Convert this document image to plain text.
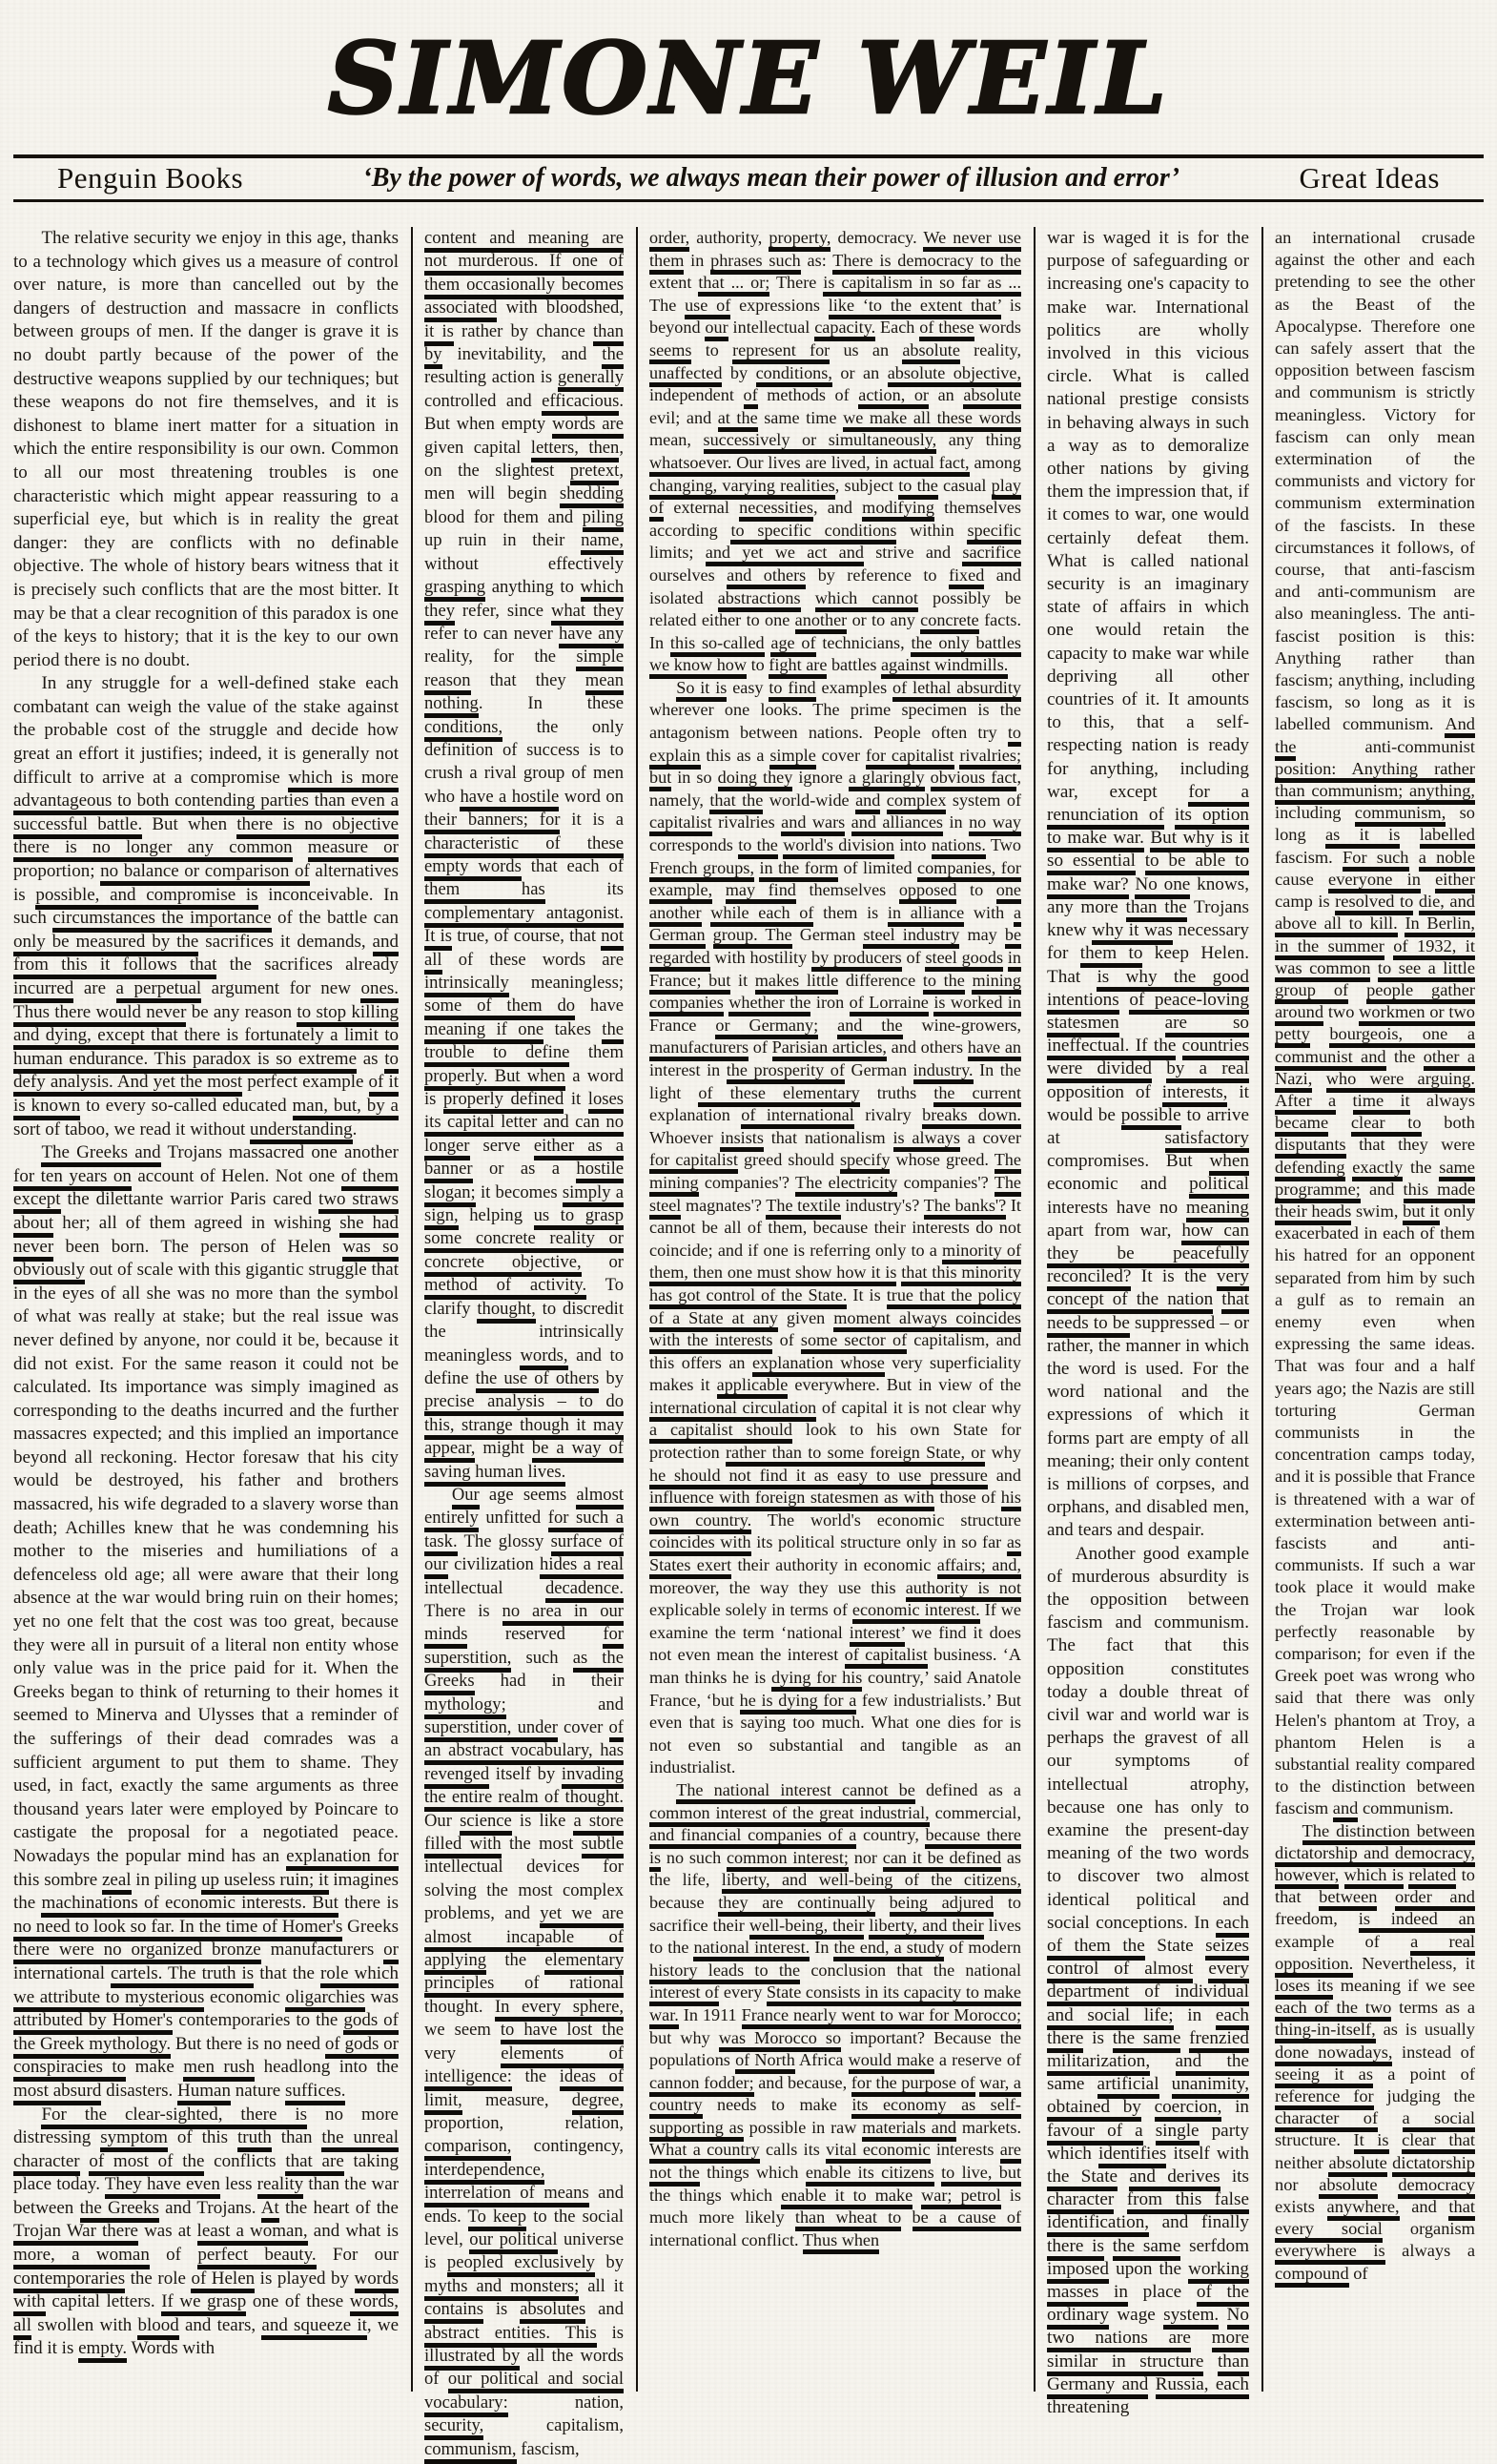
SIMONE WEIL
Penguin Books	‘By the power of words, we always mean their power of illusion and error’	Great Ideas

The relative security we enjoy in this age, thanks to a technology which gives us a measure of control over nature, is more than cancelled out by the dangers of destruction and massacre in conflicts between groups of men. If the danger is grave it is no doubt partly because of the power of the destructive weapons supplied by our techniques; but these weapons do not fire themselves, and it is dishonest to blame inert matter for a situation in which the entire responsibility is our own. Common to all our most threatening troubles is one characteristic which might appear reassuring to a superficial eye, but which is in reality the great danger: they are conflicts with no definable objective. The whole of history bears witness that it is precisely such conflicts that are the most bitter. It may be that a clear recognition of this paradox is one of the keys to history; that it is the key to our own period there is no doubt.

In any struggle for a well-defined stake each combatant can weigh the value of the stake against the probable cost of the struggle and decide how great an effort it justifies; indeed, it is generally not difficult to arrive at a compromise which is more advantageous to both contending parties than even a successful battle. But when there is no objective there is no longer any common measure or proportion; no balance or comparison of alternatives is possible, and compromise is inconceivable. In such circumstances the importance of the battle can only be measured by the sacrifices it demands, and from this it follows that the sacrifices already incurred are a perpetual argument for new ones. Thus there would never be any reason to stop killing and dying, except that there is fortunately a limit to human endurance. This paradox is so extreme as to defy analysis. And yet the most perfect example of it is known to every so-called educated man, but, by a sort of taboo, we read it without understanding.

The Greeks and Trojans massacred one another for ten years on account of Helen. Not one of them except the dilettante warrior Paris cared two straws about her; all of them agreed in wishing she had never been born. The person of Helen was so obviously out of scale with this gigantic struggle that in the eyes of all she was no more than the symbol of what was really at stake; but the real issue was never defined by anyone, nor could it be, because it did not exist. For the same reason it could not be calculated. Its importance was simply imagined as corresponding to the deaths incurred and the further massacres expected; and this implied an importance beyond all reckoning. Hector foresaw that his city would be destroyed, his father and brothers massacred, his wife degraded to a slavery worse than death; Achilles knew that he was condemning his mother to the miseries and humiliations of a defenceless old age; all were aware that their long absence at the war would bring ruin on their homes; yet no one felt that the cost was too great, because they were all in pursuit of a literal non entity whose only value was in the price paid for it. When the Greeks began to think of returning to their homes it seemed to Minerva and Ulysses that a reminder of the sufferings of their dead comrades was a sufficient argument to put them to shame. They used, in fact, exactly the same arguments as three thousand years later were employed by Poincare to castigate the proposal for a negotiated peace. Nowadays the popular mind has an explanation for this sombre zeal in piling up useless ruin; it imagines the machinations of economic interests. But there is no need to look so far. In the time of Homer's Greeks there were no organized bronze manufacturers or international cartels. The truth is that the role which we attribute to mysterious economic oligarchies was attributed by Homer's contemporaries to the gods of the Greek mythology. But there is no need of gods or conspiracies to make men rush headlong into the most absurd disasters. Human nature suffices.

For the clear-sighted, there is no more distressing symptom of this truth than the unreal character of most of the conflicts that are taking place today. They have even less reality than the war between the Greeks and Trojans. At the heart of the Trojan War there was at least a woman, and what is more, a woman of perfect beauty. For our contemporaries the role of Helen is played by words with capital letters. If we grasp one of these words, all swollen with blood and tears, and squeeze it, we find it is empty. Words with

content and meaning are not murderous. If one of them occasionally becomes associated with bloodshed, it is rather by chance than by inevitability, and the resulting action is generally controlled and efficacious. But when empty words are given capital letters, then, on the slightest pretext, men will begin shedding blood for them and piling up ruin in their name, without effectively grasping anything to which they refer, since what they refer to can never have any reality, for the simple reason that they mean nothing. In these conditions, the only definition of success is to crush a rival group of men who have a hostile word on their banners; for it is a characteristic of these empty words that each of them has its complementary antagonist. It is true, of course, that not all of these words are intrinsically meaningless; some of them do have meaning if one takes the trouble to define them properly. But when a word is properly defined it loses its capital letter and can no longer serve either as a banner or as a hostile slogan; it becomes simply a sign, helping us to grasp some concrete reality or concrete objective, or method of activity. To clarify thought, to discredit the intrinsically meaningless words, and to define the use of others by precise analysis – to do this, strange though it may appear, might be a way of saving human lives.

Our age seems almost entirely unfitted for such a task. The glossy surface of our civilization hides a real intellectual decadence. There is no area in our minds reserved for superstition, such as the Greeks had in their mythology; and superstition, under cover of an abstract vocabulary, has revenged itself by invading the entire realm of thought. Our science is like a store filled with the most subtle intellectual devices for solving the most complex problems, and yet we are almost incapable of applying the elementary principles of rational thought. In every sphere, we seem to have lost the very elements of intelligence: the ideas of limit, measure, degree, proportion, relation, comparison, contingency, interdependence, interrelation of means and ends. To keep to the social level, our political universe is peopled exclusively by myths and monsters; all it contains is absolutes and abstract entities. This is illustrated by all the words of our political and social vocabulary: nation, security, capitalism, communism, fascism,

order, authority, property, democracy. We never use them in phrases such as: There is democracy to the extent that ... or; There is capitalism in so far as ... The use of expressions like ‘to the extent that’ is beyond our intellectual capacity. Each of these words seems to represent for us an absolute reality, unaffected by conditions, or an absolute objective, independent of methods of action, or an absolute evil; and at the same time we make all these words mean, successively or simultaneously, any thing whatsoever. Our lives are lived, in actual fact, among changing, varying realities, subject to the casual play of external necessities, and modifying themselves according to specific conditions within specific limits; and yet we act and strive and sacrifice ourselves and others by reference to fixed and isolated abstractions which cannot possibly be related either to one another or to any concrete facts. In this so-called age of technicians, the only battles we know how to fight are battles against windmills.

So it is easy to find examples of lethal absurdity wherever one looks. The prime specimen is the antagonism between nations. People often try to explain this as a simple cover for capitalist rivalries; but in so doing they ignore a glaringly obvious fact, namely, that the world-wide and complex system of capitalist rivalries and wars and alliances in no way corresponds to the world's division into nations. Two French groups, in the form of limited companies, for example, may find themselves opposed to one another while each of them is in alliance with a German group. The German steel industry may be regarded with hostility by producers of steel goods in France; but it makes little difference to the mining companies whether the iron of Lorraine is worked in France or Germany; and the wine-growers, manufacturers of Parisian articles, and others have an interest in the prosperity of German industry. In the light of these elementary truths the current explanation of international rivalry breaks down. Whoever insists that nationalism is always a cover for capitalist greed should specify whose greed. The mining companies'? The electricity companies'? The steel magnates'? The textile industry's? The banks'? It cannot be all of them, because their interests do not coincide; and if one is referring only to a minority of them, then one must show how it is that this minority has got control of the State. It is true that the policy of a State at any given moment always coincides with the interests of some sector of capitalism, and this offers an explanation whose very superficiality makes it applicable everywhere. But in view of the international circulation of capital it is not clear why a capitalist should look to his own State for protection rather than to some foreign State, or why he should not find it as easy to use pressure and influence with foreign statesmen as with those of his own country. The world's economic structure coincides with its political structure only in so far as States exert their authority in economic affairs; and, moreover, the way they use this authority is not explicable solely in terms of economic interest. If we examine the term ‘national interest’ we find it does not even mean the interest of capitalist business. ‘A man thinks he is dying for his country,’ said Anatole France, ‘but he is dying for a few industrialists.’ But even that is saying too much. What one dies for is not even so substantial and tangible as an industrialist.

The national interest cannot be defined as a common interest of the great industrial, commercial, and financial companies of a country, because there is no such common interest; nor can it be defined as the life, liberty, and well-being of the citizens, because they are continually being adjured to sacrifice their well-being, their liberty, and their lives to the national interest. In the end, a study of modern history leads to the conclusion that the national interest of every State consists in its capacity to make war. In 1911 France nearly went to war for Morocco; but why was Morocco so important? Because the populations of North Africa would make a reserve of cannon fodder; and because, for the purpose of war, a country needs to make its economy as self-supporting as possible in raw materials and markets. What a country calls its vital economic interests are not the things which enable its citizens to live, but the things which enable it to make war; petrol is much more likely than wheat to be a cause of international conflict. Thus when

war is waged it is for the purpose of safeguarding or increasing one's capacity to make war. International politics are wholly involved in this vicious circle. What is called national prestige consists in behaving always in such a way as to demoralize other nations by giving them the impression that, if it comes to war, one would certainly defeat them. What is called national security is an imaginary state of affairs in which one would retain the capacity to make war while depriving all other countries of it. It amounts to this, that a self-respecting nation is ready for anything, including war, except for a renunciation of its option to make war. But why is it so essential to be able to make war? No one knows, any more than the Trojans knew why it was necessary for them to keep Helen. That is why the good intentions of peace-loving statesmen are so ineffectual. If the countries were divided by a real opposition of interests, it would be possible to arrive at satisfactory compromises. But when economic and political interests have no meaning apart from war, how can they be peacefully reconciled? It is the very concept of the nation that needs to be suppressed – or rather, the manner in which the word is used. For the word national and the expressions of which it forms part are empty of all meaning; their only content is millions of corpses, and orphans, and disabled men, and tears and despair.

Another good example of murderous absurdity is the opposition between fascism and communism. The fact that this opposition constitutes today a double threat of civil war and world war is perhaps the gravest of all our symptoms of intellectual atrophy, because one has only to examine the present-day meaning of the two words to discover two almost identical political and social conceptions. In each of them the State seizes control of almost every department of individual and social life; in each there is the same frenzied militarization, and the same artificial unanimity, obtained by coercion, in favour of a single party which identifies itself with the State and derives its character from this false identification, and finally there is the same serfdom imposed upon the working masses in place of the ordinary wage system. No two nations are more similar in structure than Germany and Russia, each threatening

an international crusade against the other and each pretending to see the other as the Beast of the Apocalypse. Therefore one can safely assert that the opposition between fascism and communism is strictly meaningless. Victory for fascism can only mean extermination of the communists and victory for communism extermination of the fascists. In these circumstances it follows, of course, that anti-fascism and anti-communism are also meaningless. The anti-fascist position is this: Anything rather than fascism; anything, including fascism, so long as it is labelled communism. And the anti-communist position: Anything rather than communism; anything, including communism, so long as it is labelled fascism. For such a noble cause everyone in either camp is resolved to die, and above all to kill. In Berlin, in the summer of 1932, it was common to see a little group of people gather around two workmen or two petty bourgeois, one a communist and the other a Nazi, who were arguing. After a time it always became clear to both disputants that they were defending exactly the same programme; and this made their heads swim, but it only exacerbated in each of them his hatred for an opponent separated from him by such a gulf as to remain an enemy even when expressing the same ideas. That was four and a half years ago; the Nazis are still torturing German communists in the concentration camps today, and it is possible that France is threatened with a war of extermination between anti-fascists and anti-communists. If such a war took place it would make the Trojan war look perfectly reasonable by comparison; for even if the Greek poet was wrong who said that there was only Helen's phantom at Troy, a phantom Helen is a substantial reality compared to the distinction between fascism and communism.

The distinction between dictatorship and democracy, however, which is related to that between order and freedom, is indeed an example of a real opposition. Nevertheless, it loses its meaning if we see each of the two terms as a thing-in-itself, as is usually done nowadays, instead of seeing it as a point of reference for judging the character of a social structure. It is clear that neither absolute dictatorship nor absolute democracy exists anywhere, and that every social organism everywhere is always a compound of
